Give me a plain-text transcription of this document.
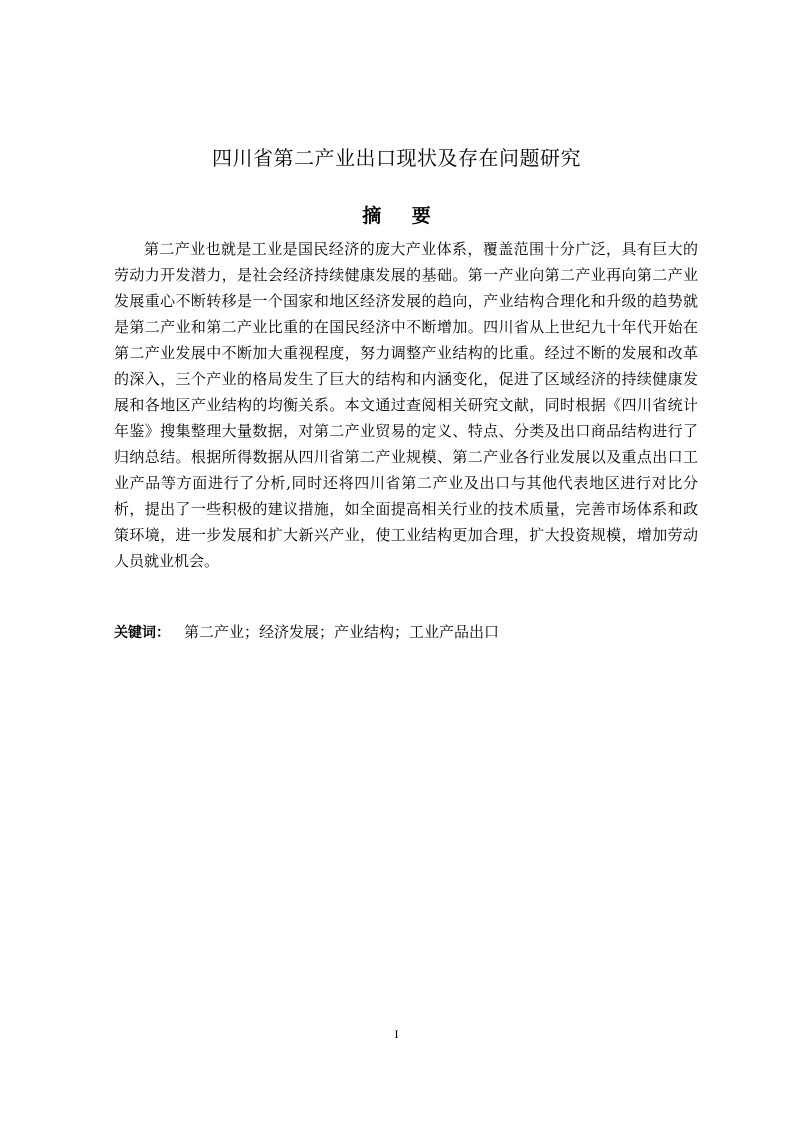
四川省第二产业出口现状及存在问题研究
摘 要

第二产业也就是工业是国民经济的庞大产业体系，覆盖范围十分广泛，具有巨大的劳动力开发潜力，是社会经济持续健康发展的基础。第一产业向第二产业再向第二产业发展重心不断转移是一个国家和地区经济发展的趋向，产业结构合理化和升级的趋势就是第二产业和第二产业比重的在国民经济中不断增加。四川省从上世纪九十年代开始在第二产业发展中不断加大重视程度，努力调整产业结构的比重。经过不断的发展和改革的深入，三个产业的格局发生了巨大的结构和内涵变化，促进了区域经济的持续健康发展和各地区产业结构的均衡关系。本文通过查阅相关研究文献，同时根据《四川省统计年鉴》搜集整理大量数据，对第二产业贸易的定义、特点、分类及出口商品结构进行了归纳总结。根据所得数据从四川省第二产业规模、第二产业各行业发展以及重点出口工业产品等方面进行了分析,同时还将四川省第二产业及出口与其他代表地区进行对比分析，提出了一些积极的建议措施，如全面提高相关行业的技术质量，完善市场体系和政策环境，进一步发展和扩大新兴产业，使工业结构更加合理，扩大投资规模，增加劳动人员就业机会。

关键词： 第二产业；经济发展；产业结构；工业产品出口

I
